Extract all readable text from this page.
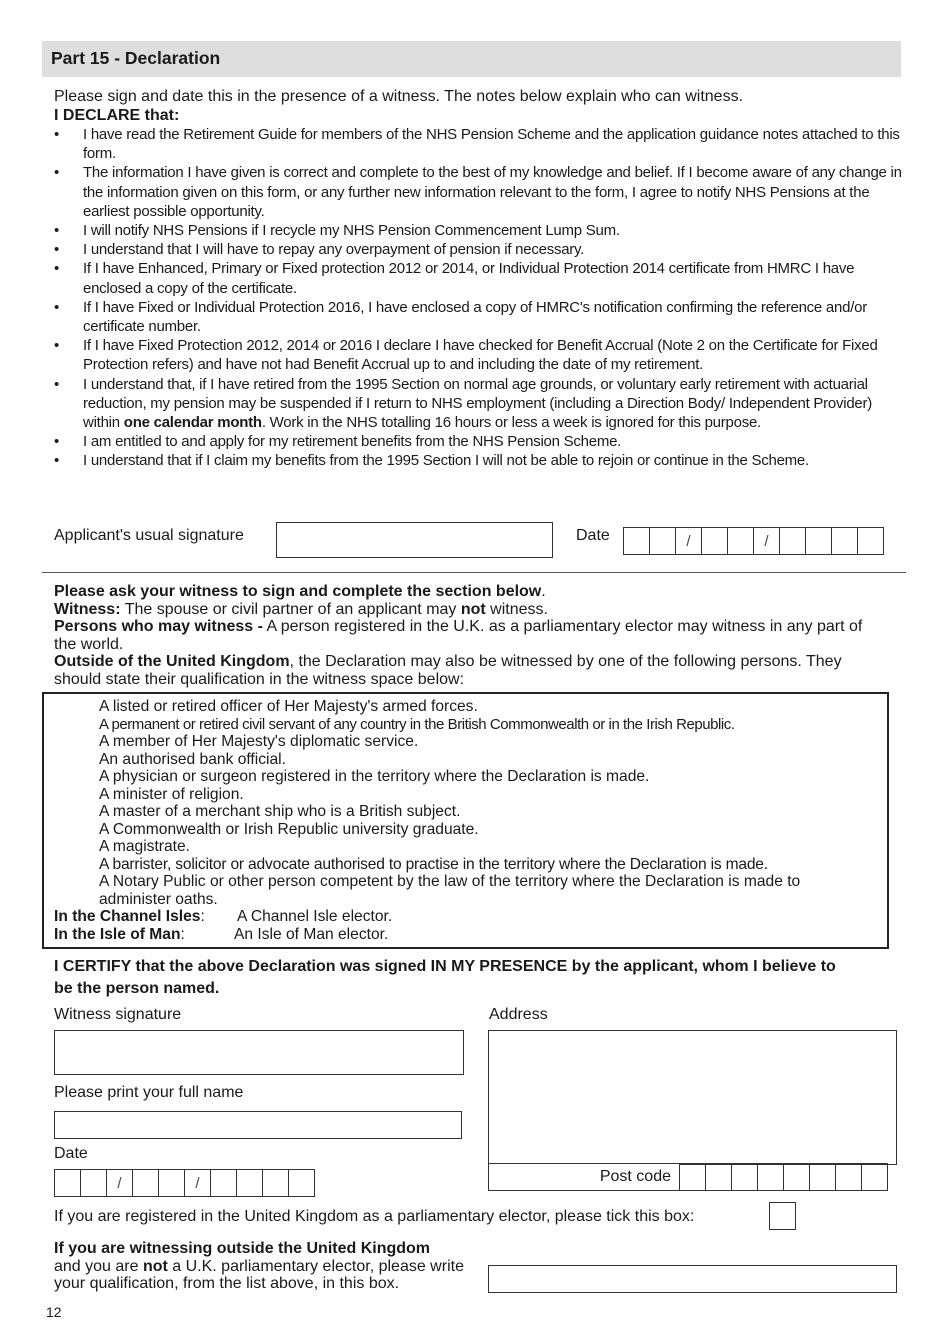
Part 15 - Declaration
Please sign and date this in the presence of a witness. The notes below explain who can witness.
I DECLARE that:
• I have read the Retirement Guide for members of the NHS Pension Scheme and the application guidance notes attached to this form.
• The information I have given is correct and complete to the best of my knowledge and belief. If I become aware of any change in the information given on this form, or any further new information relevant to the form, I agree to notify NHS Pensions at the earliest possible opportunity.
• I will notify NHS Pensions if I recycle my NHS Pension Commencement Lump Sum.
• I understand that I will have to repay any overpayment of pension if necessary.
• If I have Enhanced, Primary or Fixed protection 2012 or 2014, or Individual Protection 2014 certificate from HMRC I have enclosed a copy of the certificate.
• If I have Fixed or Individual Protection 2016, I have enclosed a copy of HMRC's notification confirming the reference and/or certificate number.
• If I have Fixed Protection 2012, 2014 or 2016 I declare I have checked for Benefit Accrual (Note 2 on the Certificate for Fixed Protection refers) and have not had Benefit Accrual up to and including the date of my retirement.
• I understand that, if I have retired from the 1995 Section on normal age grounds, or voluntary early retirement with actuarial reduction, my pension may be suspended if I return to NHS employment (including a Direction Body/ Independent Provider) within one calendar month. Work in the NHS totalling 16 hours or less a week is ignored for this purpose.
• I am entitled to and apply for my retirement benefits from the NHS Pension Scheme.
• I understand that if I claim my benefits from the 1995 Section I will not be able to rejoin or continue in the Scheme.
Applicant's usual signature	Date	/	/

Please ask your witness to sign and complete the section below.

Witness: The spouse or civil partner of an applicant may not witness.

Persons who may witness - A person registered in the U.K. as a parliamentary elector may witness in any part of the world.

Outside of the United Kingdom, the Declaration may also be witnessed by one of the following persons. They should state their qualification in the witness space below:

A listed or retired officer of Her Majesty's armed forces.
A permanent or retired civil servant of any country in the British Commonwealth or in the Irish Republic.
A member of Her Majesty's diplomatic service.
An authorised bank official.
A physician or surgeon registered in the territory where the Declaration is made.
A minister of religion.
A master of a merchant ship who is a British subject.
A Commonwealth or Irish Republic university graduate.
A magistrate.
A barrister, solicitor or advocate authorised to practise in the territory where the Declaration is made.
A Notary Public or other person competent by the law of the territory where the Declaration is made to administer oaths.
In the Channel Isles:	A Channel Isle elector.
In the Isle of Man:	An Isle of Man elector.
I CERTIFY that the above Declaration was signed IN MY PRESENCE by the applicant, whom I believe to be the person named.
Witness signature
Please print your full name
Date
/	/
Address
Post code
If you are registered in the United Kingdom as a parliamentary elector, please tick this box:
If you are witnessing outside the United Kingdom
and you are not a U.K. parliamentary elector, please write your qualification, from the list above, in this box.
12
